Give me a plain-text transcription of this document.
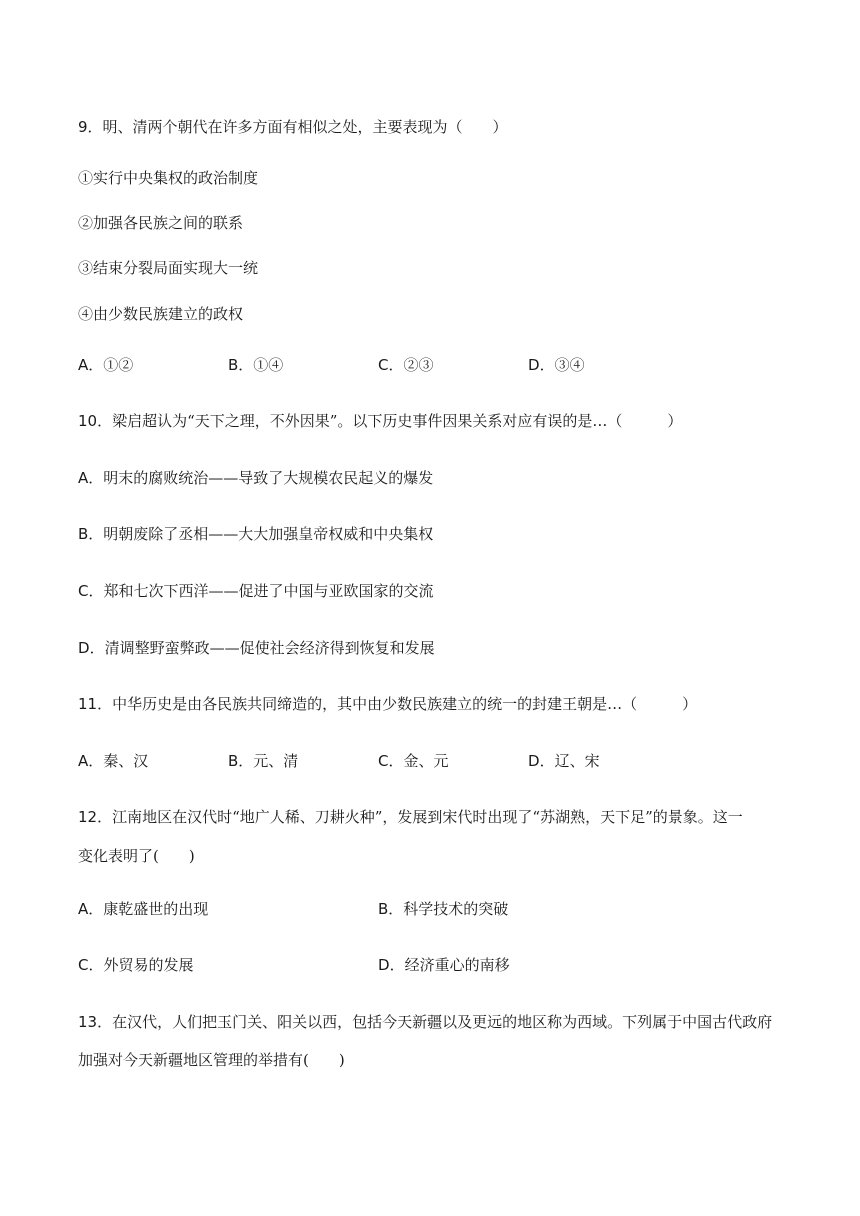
9．明、清两个朝代在许多方面有相似之处，主要表现为（　　）
①实行中央集权的政治制度
②加强各民族之间的联系
③结束分裂局面实现大一统
④由少数民族建立的政权
A．①②	B．①④	C．②③	D．③④
10．梁启超认为“天下之理，不外因果”。以下历史事件因果关系对应有误的是…（　　　）
A．明末的腐败统治——导致了大规模农民起义的爆发
B．明朝废除了丞相——大大加强皇帝权威和中央集权
C．郑和七次下西洋——促进了中国与亚欧国家的交流
D．清调整野蛮弊政——促使社会经济得到恢复和发展
11．中华历史是由各民族共同缔造的，其中由少数民族建立的统一的封建王朝是…（　　　）
A．秦、汉	B．元、清	C．金、元	D．辽、宋
12．江南地区在汉代时“地广人稀、刀耕火种”，发展到宋代时出现了“苏湖熟，天下足”的景象。这一
变化表明了(　　)
A．康乾盛世的出现	B．科学技术的突破
C．外贸易的发展	D．经济重心的南移
13．在汉代，人们把玉门关、阳关以西，包括今天新疆以及更远的地区称为西域。下列属于中国古代政府
加强对今天新疆地区管理的举措有(　　)
